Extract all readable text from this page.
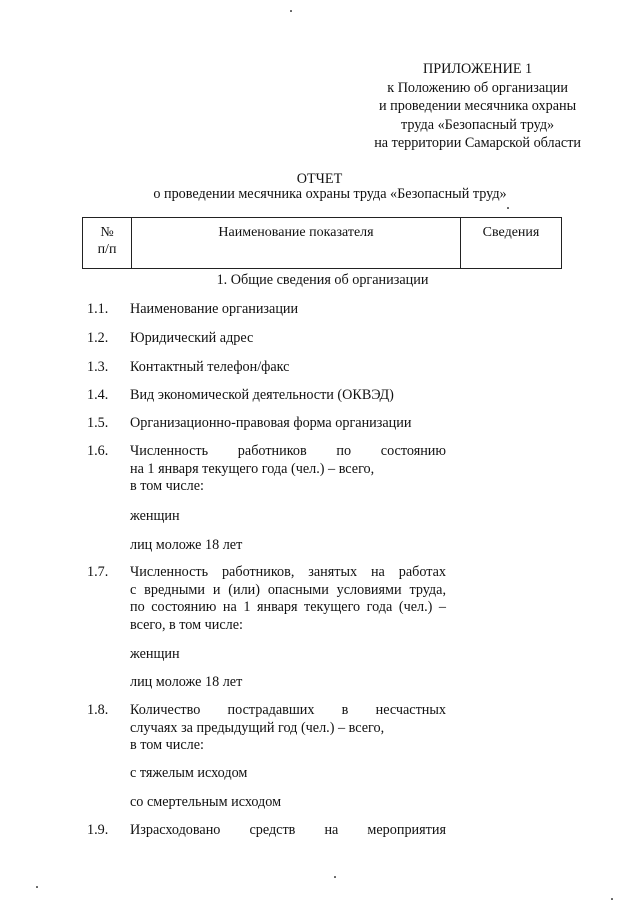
ПРИЛОЖЕНИЕ 1
к Положению об организации
и проведении месячника охраны
труда «Безопасный труд»
на территории Самарской области
ОТЧЕТ
о проведении месячника охраны труда «Безопасный труд»
№
п/п
	Наименование показателя	Сведения
1. Общие сведения об организации
1.1.	Наименование организации
1.2.	Юридический адрес
1.3.	Контактный телефон/факс
1.4.	Вид экономической деятельности (ОКВЭД)
1.5.	Организационно-правовая форма организации
1.6.	Численность работников по состоянию
на 1 января текущего года (чел.) – всего,
в том числе:
женщин
лиц моложе 18 лет
1.7.	Численность работников, занятых на работах
с вредными и (или) опасными условиями труда,
по состоянию на 1 января текущего года (чел.) –
всего, в том числе:
женщин
лиц моложе 18 лет
1.8.	Количество пострадавших в несчастных
случаях за предыдущий год (чел.) – всего,
в том числе:
с тяжелым исходом
со смертельным исходом
1.9.	Израсходовано средств на мероприятия
